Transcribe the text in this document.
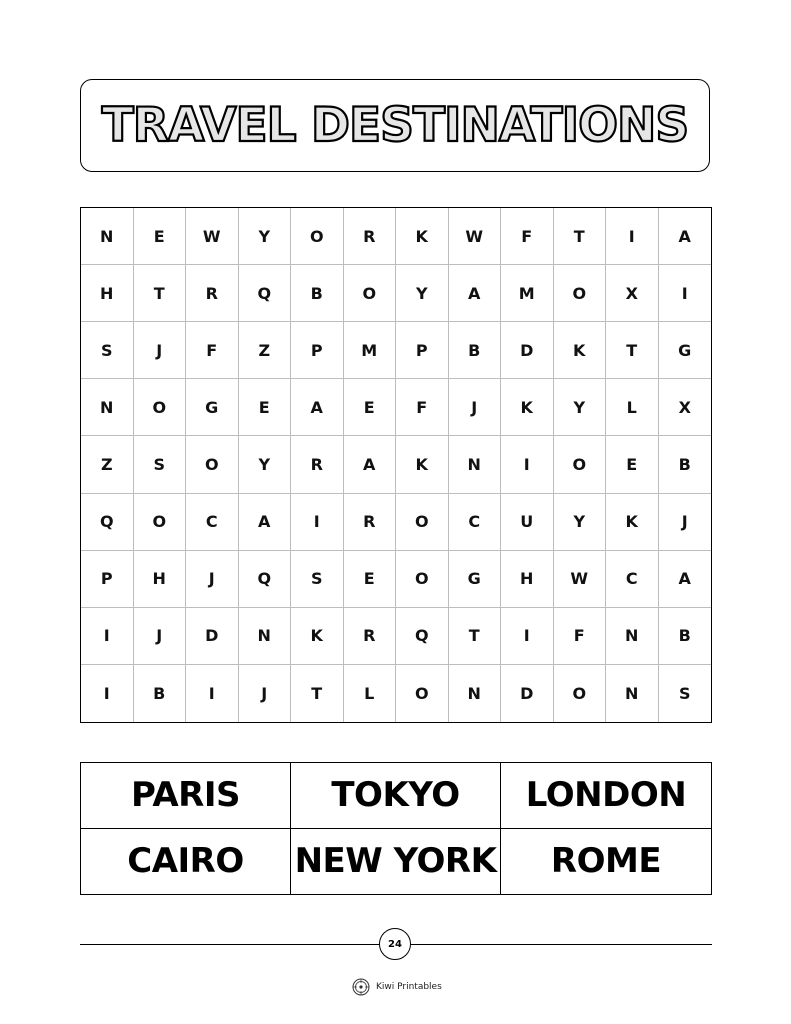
TRAVEL DESTINATIONS
N	E	W	Y	O	R	K	W	F	T	I	A
H	T	R	Q	B	O	Y	A	M	O	X	I
S	J	F	Z	P	M	P	B	D	K	T	G
N	O	G	E	A	E	F	J	K	Y	L	X
Z	S	O	Y	R	A	K	N	I	O	E	B
Q	O	C	A	I	R	O	C	U	Y	K	J
P	H	J	Q	S	E	O	G	H	W	C	A
I	J	D	N	K	R	Q	T	I	F	N	B
I	B	I	J	T	L	O	N	D	O	N	S
PARIS	TOKYO	LONDON
CAIRO	NEW YORK	ROME
24
Kiwi Printables
